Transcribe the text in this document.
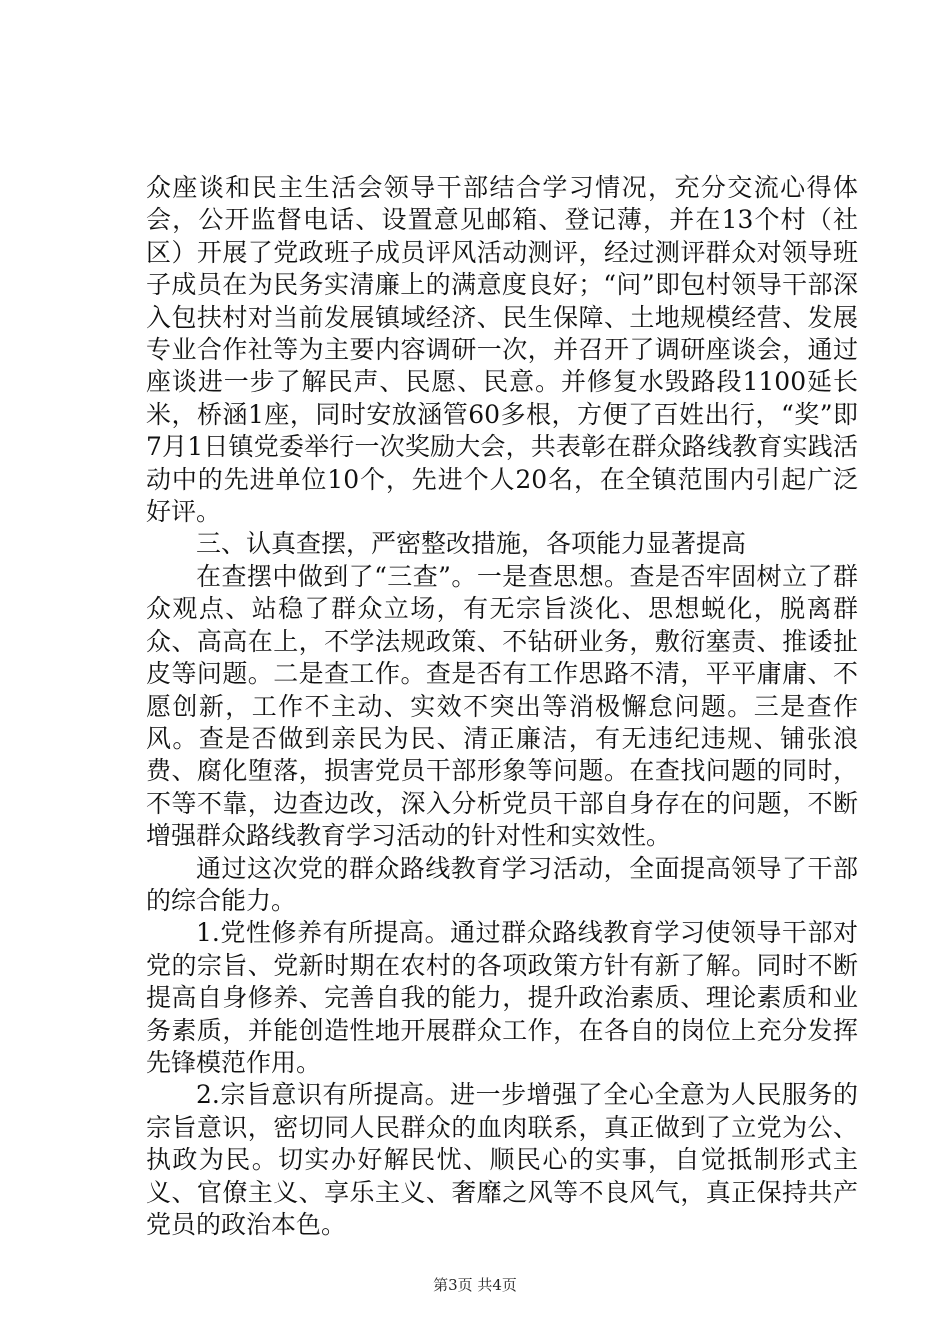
众座谈和民主生活会领导干部结合学习情况，充分交流心得体会，公开监督电话、设置意见邮箱、登记薄，并在13个村（社区）开展了党政班子成员评风活动测评，经过测评群众对领导班子成员在为民务实清廉上的满意度良好；“问”即包村领导干部深入包扶村对当前发展镇域经济、民生保障、土地规模经营、发展专业合作社等为主要内容调研一次，并召开了调研座谈会，通过座谈进一步了解民声、民愿、民意。并修复水毁路段1100延长米，桥涵1座，同时安放涵管60多根，方便了百姓出行，“奖”即7月1日镇党委举行一次奖励大会，共表彰在群众路线教育实践活动中的先进单位10个，先进个人20名，在全镇范围内引起广泛好评。

三、认真查摆，严密整改措施，各项能力显著提高

在查摆中做到了“三查”。一是查思想。查是否牢固树立了群众观点、站稳了群众立场，有无宗旨淡化、思想蜕化，脱离群众、高高在上，不学法规政策、不钻研业务，敷衍塞责、推诿扯皮等问题。二是查工作。查是否有工作思路不清，平平庸庸、不愿创新，工作不主动、实效不突出等消极懈怠问题。三是查作风。查是否做到亲民为民、清正廉洁，有无违纪违规、铺张浪费、腐化堕落，损害党员干部形象等问题。在查找问题的同时，不等不靠，边查边改，深入分析党员干部自身存在的问题，不断增强群众路线教育学习活动的针对性和实效性。

通过这次党的群众路线教育学习活动，全面提高领导了干部的综合能力。

1.党性修养有所提高。通过群众路线教育学习使领导干部对党的宗旨、党新时期在农村的各项政策方针有新了解。同时不断提高自身修养、完善自我的能力，提升政治素质、理论素质和业务素质，并能创造性地开展群众工作，在各自的岗位上充分发挥先锋模范作用。

2.宗旨意识有所提高。进一步增强了全心全意为人民服务的宗旨意识，密切同人民群众的血肉联系，真正做到了立党为公、执政为民。切实办好解民忧、顺民心的实事，自觉抵制形式主义、官僚主义、享乐主义、奢靡之风等不良风气，真正保持共产党员的政治本色。

第3页 共4页
